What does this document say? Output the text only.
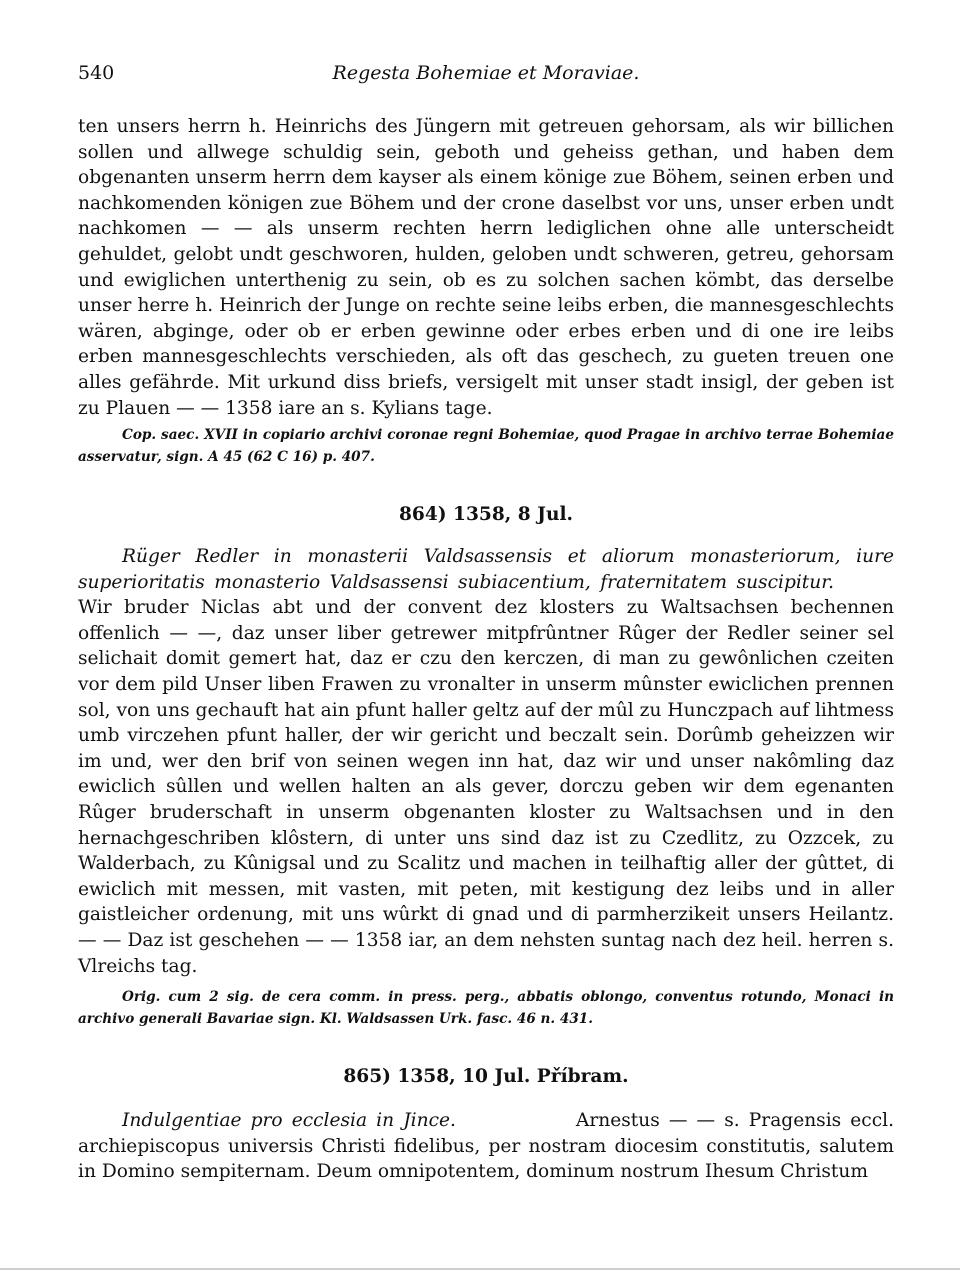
540	Regesta Bohemiae et Moraviae.
ten unsers herrn h. Heinrichs des Jüngern mit getreuen gehorsam, als wir billichen sollen und allwege schuldig sein, geboth und geheiss gethan, und haben dem obgenanten unserm herrn dem kayser als einem könige zue Böhem, seinen erben und nachkomenden königen zue Böhem und der crone daselbst vor uns, unser erben undt nachkomen — — als unserm rechten herrn lediglichen ohne alle unterscheidt gehuldet, gelobt undt geschworen, hulden, geloben undt schweren, getreu, gehorsam und ewiglichen unterthenig zu sein, ob es zu solchen sachen kömbt, das derselbe unser herre h. Heinrich der Junge on rechte seine leibs erben, die mannesgeschlechts wären, abginge, oder ob er erben gewinne oder erbes erben und di one ire leibs erben mannesgeschlechts verschieden, als oft das geschech, zu gueten treuen one alles gefährde. Mit urkund diss briefs, versigelt mit unser stadt insigl, der geben ist zu Plauen — — 1358 iare an s. Kylians tage.
Cop. saec. XVII in copiario archivi coronae regni Bohemiae, quod Pragae in archivo terrae Bohemiae asservatur, sign. A 45 (62 C 16) p. 407.
864) 1358, 8 Jul.
Rüger Redler in monasterii Valdsassensis et aliorum monasteriorum, iure superioritatis monasterio Valdsassensi subiacentium, fraternitatem suscipitur.Wir bruder Niclas abt und der convent dez klosters zu Waltsachsen bechennen offenlich — —, daz unser liber getrewer mitpfrûntner Rûger der Redler seiner sel selichait domit gemert hat, daz er czu den kerczen, di man zu gewônlichen czeiten vor dem pild Unser liben Frawen zu vronalter in unserm mûnster ewiclichen prennen sol, von uns gechauft hat ain pfunt haller geltz auf der mûl zu Hunczpach auf lihtmess umb virczehen pfunt haller, der wir gericht und beczalt sein. Dorûmb geheizzen wir im und, wer den brif von seinen wegen inn hat, daz wir und unser nakômling daz ewiclich sûllen und wellen halten an als gever, dorczu geben wir dem egenanten Rûger bruderschaft in unserm obgenanten kloster zu Waltsachsen und in den hernachgeschriben klôstern, di unter uns sind daz ist zu Czedlitz, zu Ozzcek, zu Walderbach, zu Kûnigsal und zu Scalitz und machen in teilhaftig aller der gûttet, di ewiclich mit messen, mit vasten, mit peten, mit kestigung dez leibs und in aller gaistleicher ordenung, mit uns wûrkt di gnad und di parmherzikeit unsers Heilantz. — — Daz ist geschehen — — 1358 iar, an dem nehsten suntag nach dez heil. herren s. Vlreichs tag.
Orig. cum 2 sig. de cera comm. in press. perg., abbatis oblongo, conventus rotundo, Monaci in archivo generali Bavariae sign. Kl. Waldsassen Urk. fasc. 46 n. 431.
865) 1358, 10 Jul. Příbram.
Indulgentiae pro ecclesia in Jince.	Arnestus — — s. Pragensis eccl. archiepiscopus universis Christi fidelibus, per nostram diocesim constitutis, salutem in Domino sempiternam. Deum omnipotentem, dominum nostrum Ihesum Christum
